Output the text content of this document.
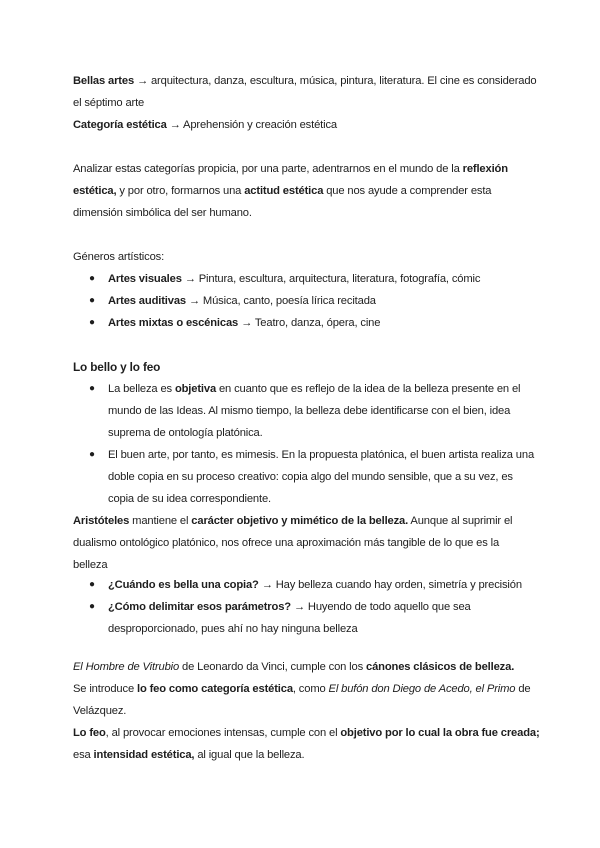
Bellas artes → arquitectura, danza, escultura, música, pintura, literatura. El cine es considerado
el séptimo arte
Categoría estética → Aprehensión y creación estética
Analizar estas categorías propicia, por una parte, adentrarnos en el mundo de la reflexión
estética, y por otro, formarnos una actitud estética que nos ayude a comprender esta
dimensión simbólica del ser humano.
Géneros artísticos:
● Artes visuales → Pintura, escultura, arquitectura, literatura, fotografía, cómic
● Artes auditivas → Música, canto, poesía lírica recitada
● Artes mixtas o escénicas → Teatro, danza, ópera, cine
Lo bello y lo feo
● La belleza es objetiva en cuanto que es reflejo de la idea de la belleza presente en el
mundo de las Ideas. Al mismo tiempo, la belleza debe identificarse con el bien, idea
suprema de ontología platónica.
● El buen arte, por tanto, es mimesis. En la propuesta platónica, el buen artista realiza una
doble copia en su proceso creativo: copia algo del mundo sensible, que a su vez, es
copia de su idea correspondiente.
Aristóteles mantiene el carácter objetivo y mimético de la belleza. Aunque al suprimir el
dualismo ontológico platónico, nos ofrece una aproximación más tangible de lo que es la
belleza
● ¿Cuándo es bella una copia? → Hay belleza cuando hay orden, simetría y precisión
● ¿Cómo delimitar esos parámetros? → Huyendo de todo aquello que sea
desproporcionado, pues ahí no hay ninguna belleza
El Hombre de Vitrubio de Leonardo da Vinci, cumple con los cánones clásicos de belleza.
Se introduce lo feo como categoría estética, como El bufón don Diego de Acedo, el Primo de
Velázquez.
Lo feo, al provocar emociones intensas, cumple con el objetivo por lo cual la obra fue creada;
esa intensidad estética, al igual que la belleza.
